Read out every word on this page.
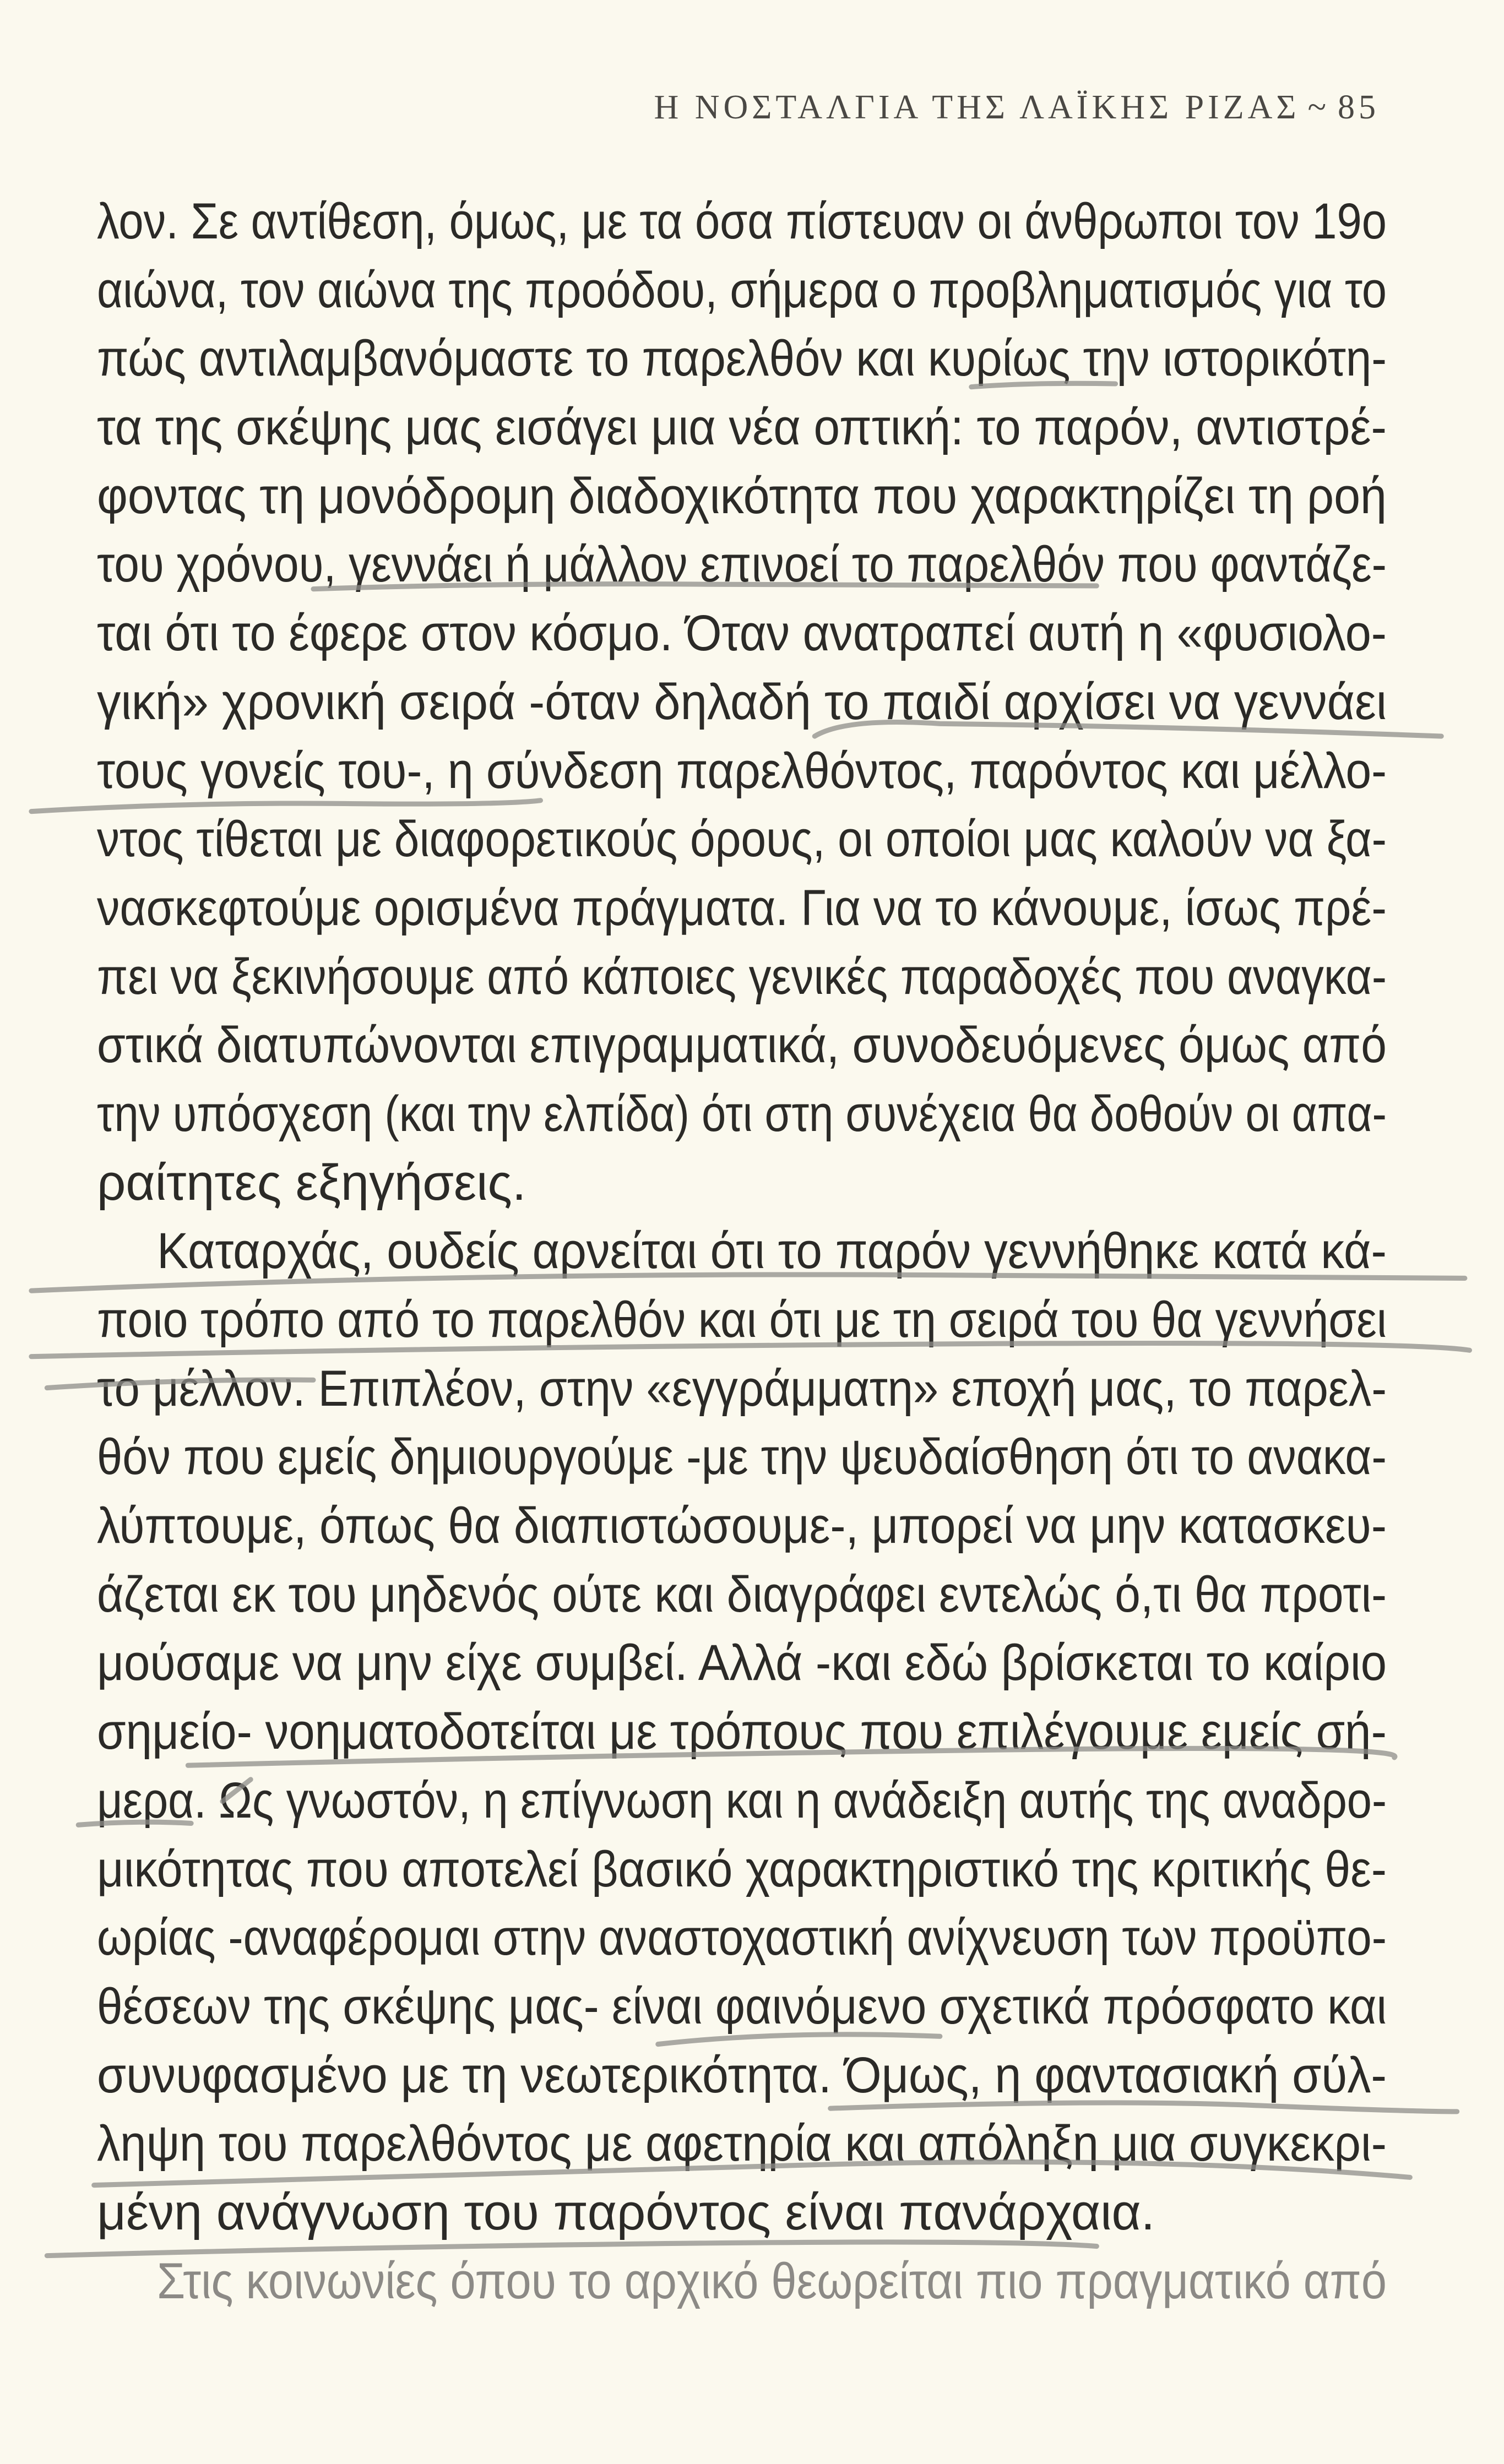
Η ΝΟΣΤΑΛΓΙΑ ΤΗΣ ΛΑΪΚΗΣ ΡΙΖΑΣ ~ 85
λον. Σε αντίθεση, όμως, με τα όσα πίστευαν οι άνθρωποι τον 19ο
αιώνα, τον αιώνα της προόδου, σήμερα ο προβληματισμός για το
πώς αντιλαμβανόμαστε το παρελθόν και κυρίως την ιστορικότη-
τα της σκέψης μας εισάγει μια νέα οπτική: το παρόν, αντιστρέ-
φοντας τη μονόδρομη διαδοχικότητα που χαρακτηρίζει τη ροή
του χρόνου, γεννάει ή μάλλον επινοεί το παρελθόν που φαντάζε-
ται ότι το έφερε στον κόσμο. Όταν ανατραπεί αυτή η «φυσιολο-
γική» χρονική σειρά -όταν δηλαδή το παιδί αρχίσει να γεννάει
τους γονείς του-, η σύνδεση παρελθόντος, παρόντος και μέλλο-
ντος τίθεται με διαφορετικούς όρους, οι οποίοι μας καλούν να ξα-
νασκεφτούμε ορισμένα πράγματα. Για να το κάνουμε, ίσως πρέ-
πει να ξεκινήσουμε από κάποιες γενικές παραδοχές που αναγκα-
στικά διατυπώνονται επιγραμματικά, συνοδευόμενες όμως από
την υπόσχεση (και την ελπίδα) ότι στη συνέχεια θα δοθούν οι απα-
ραίτητες εξηγήσεις.
Καταρχάς, ουδείς αρνείται ότι το παρόν γεννήθηκε κατά κά-
ποιο τρόπο από το παρελθόν και ότι με τη σειρά του θα γεννήσει
το μέλλον. Επιπλέον, στην «εγγράμματη» εποχή μας, το παρελ-
θόν που εμείς δημιουργούμε -με την ψευδαίσθηση ότι το ανακα-
λύπτουμε, όπως θα διαπιστώσουμε-, μπορεί να μην κατασκευ-
άζεται εκ του μηδενός ούτε και διαγράφει εντελώς ό,τι θα προτι-
μούσαμε να μην είχε συμβεί. Αλλά -και εδώ βρίσκεται το καίριο
σημείο- νοηματοδοτείται με τρόπους που επιλέγουμε εμείς σή-
μερα. Ως γνωστόν, η επίγνωση και η ανάδειξη αυτής της αναδρο-
μικότητας που αποτελεί βασικό χαρακτηριστικό της κριτικής θε-
ωρίας -αναφέρομαι στην αναστοχαστική ανίχνευση των προϋπο-
θέσεων της σκέψης μας- είναι φαινόμενο σχετικά πρόσφατο και
συνυφασμένο με τη νεωτερικότητα. Όμως, η φαντασιακή σύλ-
ληψη του παρελθόντος με αφετηρία και απόληξη μια συγκεκρι-
μένη ανάγνωση του παρόντος είναι πανάρχαια.
Στις κοινωνίες όπου το αρχικό θεωρείται πιο πραγματικό από
